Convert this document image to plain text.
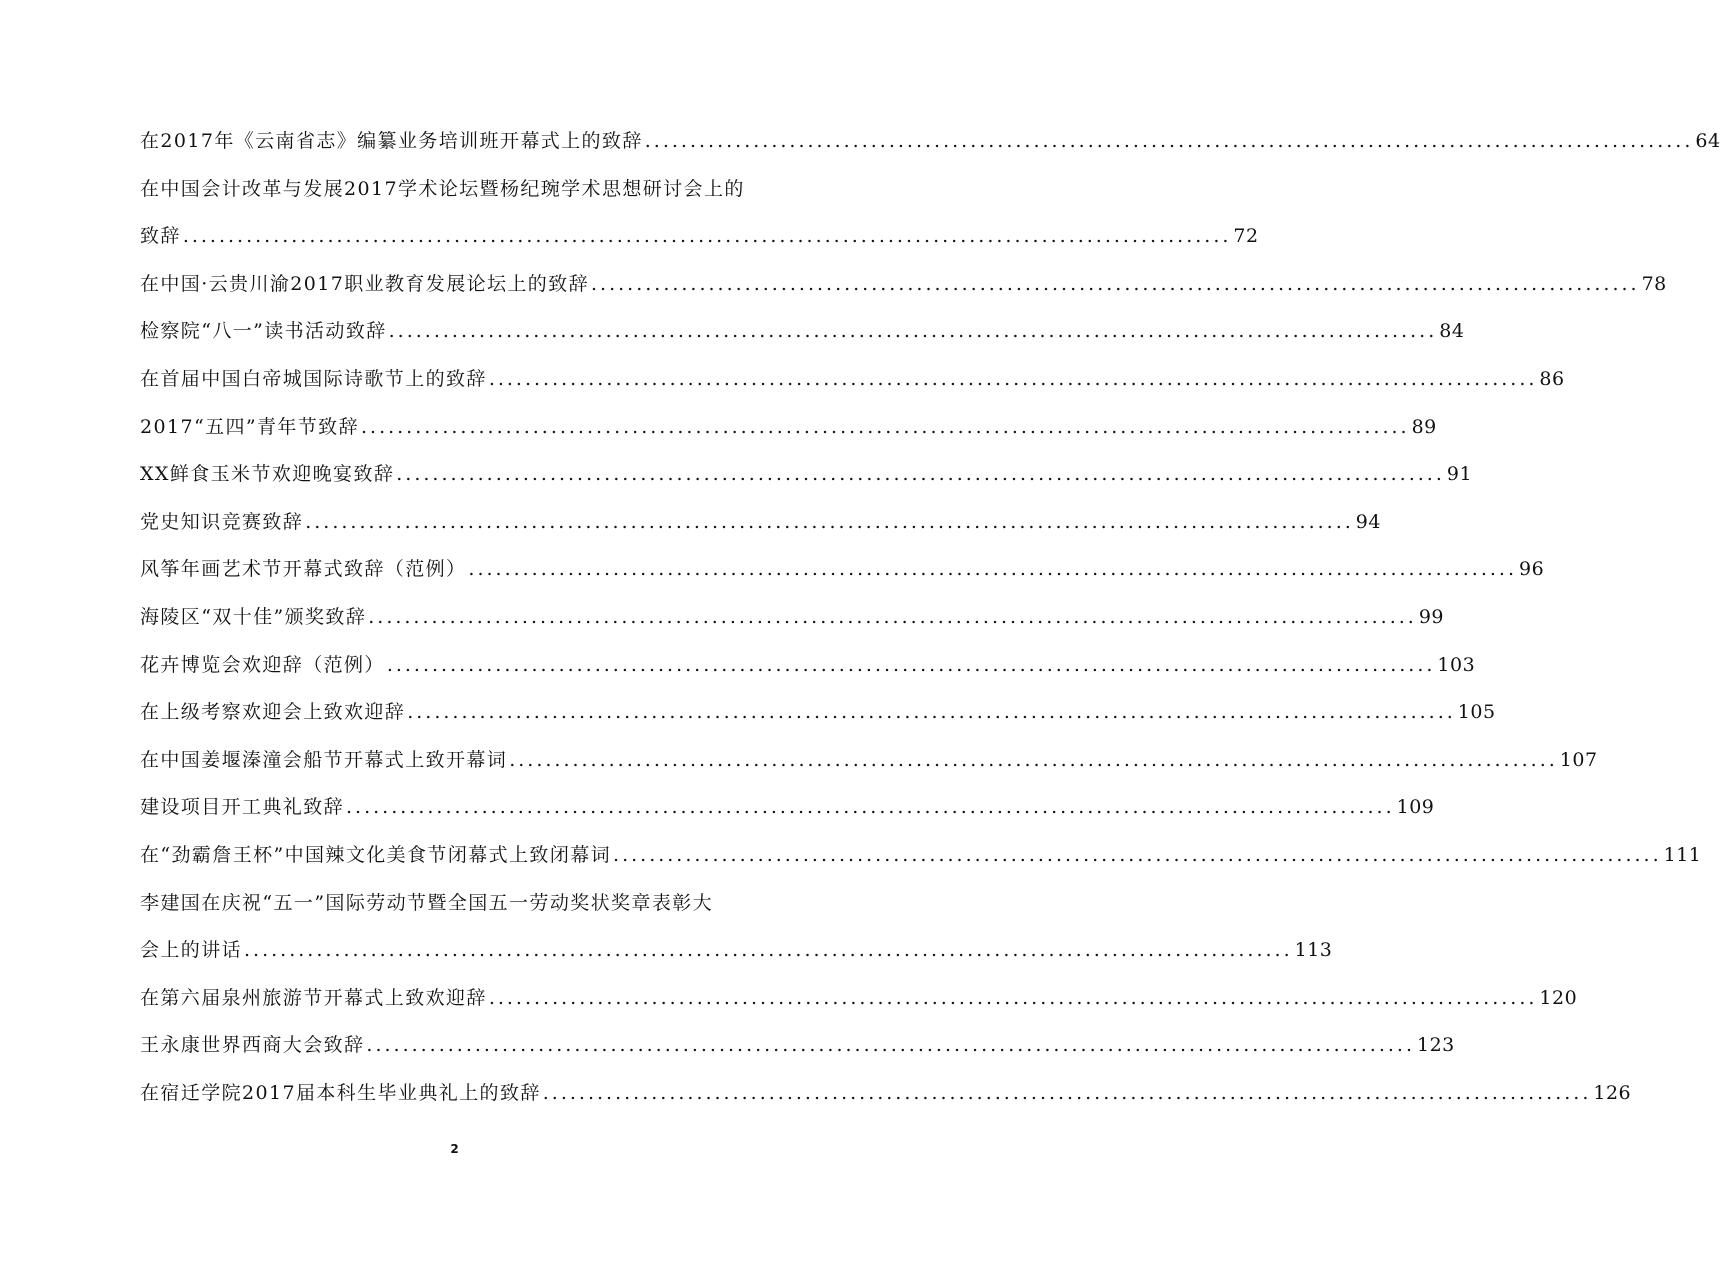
在2017年《云南省志》编纂业务培训班开幕式上的致辞 .....	64
在中国会计改革与发展2017学术论坛暨杨纪琬学术思想研讨会上的
致辞 .....	72
在中国·云贵川渝2017职业教育发展论坛上的致辞 .....	78
检察院“八一”读书活动致辞 .....	84
在首届中国白帝城国际诗歌节上的致辞 .....	86
2017“五四”青年节致辞 .....	89
XX鲜食玉米节欢迎晚宴致辞 .....	91
党史知识竞赛致辞 .....	94
风筝年画艺术节开幕式致辞（范例） .....	96
海陵区“双十佳”颁奖致辞 .....	99
花卉博览会欢迎辞（范例） .....	103
在上级考察欢迎会上致欢迎辞 .....	105
在中国姜堰溱潼会船节开幕式上致开幕词 .....	107
建设项目开工典礼致辞 .....	109
在“劲霸詹王杯”中国辣文化美食节闭幕式上致闭幕词 .....	111
李建国在庆祝“五一”国际劳动节暨全国五一劳动奖状奖章表彰大
会上的讲话 .....	113
在第六届泉州旅游节开幕式上致欢迎辞 .....	120
王永康世界西商大会致辞 .....	123
在宿迁学院2017届本科生毕业典礼上的致辞 .....	126
2
